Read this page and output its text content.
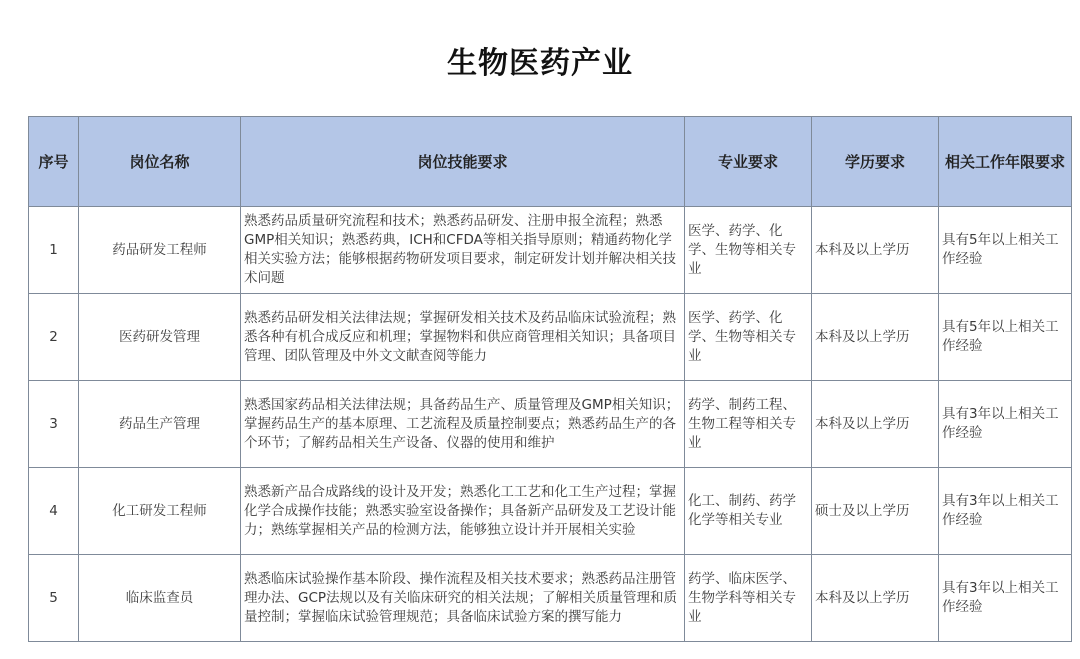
生物医药产业
序号	岗位名称	岗位技能要求	专业要求	学历要求	相关工作年限要求
1	药品研发工程师	熟悉药品质量研究流程和技术；熟悉药品研发、注册申报全流程；熟悉GMP相关知识；熟悉药典，ICH和CFDA等相关指导原则；精通药物化学相关实验方法；能够根据药物研发项目要求，制定研发计划并解决相关技术问题	医学、药学、化学、生物等相关专业	本科及以上学历	具有5年以上相关工作经验
2	医药研发管理	熟悉药品研发相关法律法规；掌握研发相关技术及药品临床试验流程；熟悉各种有机合成反应和机理；掌握物料和供应商管理相关知识；具备项目管理、团队管理及中外文文献查阅等能力	医学、药学、化学、生物等相关专业	本科及以上学历	具有5年以上相关工作经验
3	药品生产管理	熟悉国家药品相关法律法规；具备药品生产、质量管理及GMP相关知识；掌握药品生产的基本原理、工艺流程及质量控制要点；熟悉药品生产的各个环节；了解药品相关生产设备、仪器的使用和维护	药学、制药工程、生物工程等相关专业	本科及以上学历	具有3年以上相关工作经验
4	化工研发工程师	熟悉新产品合成路线的设计及开发；熟悉化工工艺和化工生产过程；掌握化学合成操作技能；熟悉实验室设备操作；具备新产品研发及工艺设计能力；熟练掌握相关产品的检测方法，能够独立设计并开展相关实验	化工、制药、药学化学等相关专业	硕士及以上学历	具有3年以上相关工作经验
5	临床监查员	熟悉临床试验操作基本阶段、操作流程及相关技术要求；熟悉药品注册管理办法、GCP法规以及有关临床研究的相关法规；了解相关质量管理和质量控制；掌握临床试验管理规范；具备临床试验方案的撰写能力	药学、临床医学、生物学科等相关专业	本科及以上学历	具有3年以上相关工作经验
